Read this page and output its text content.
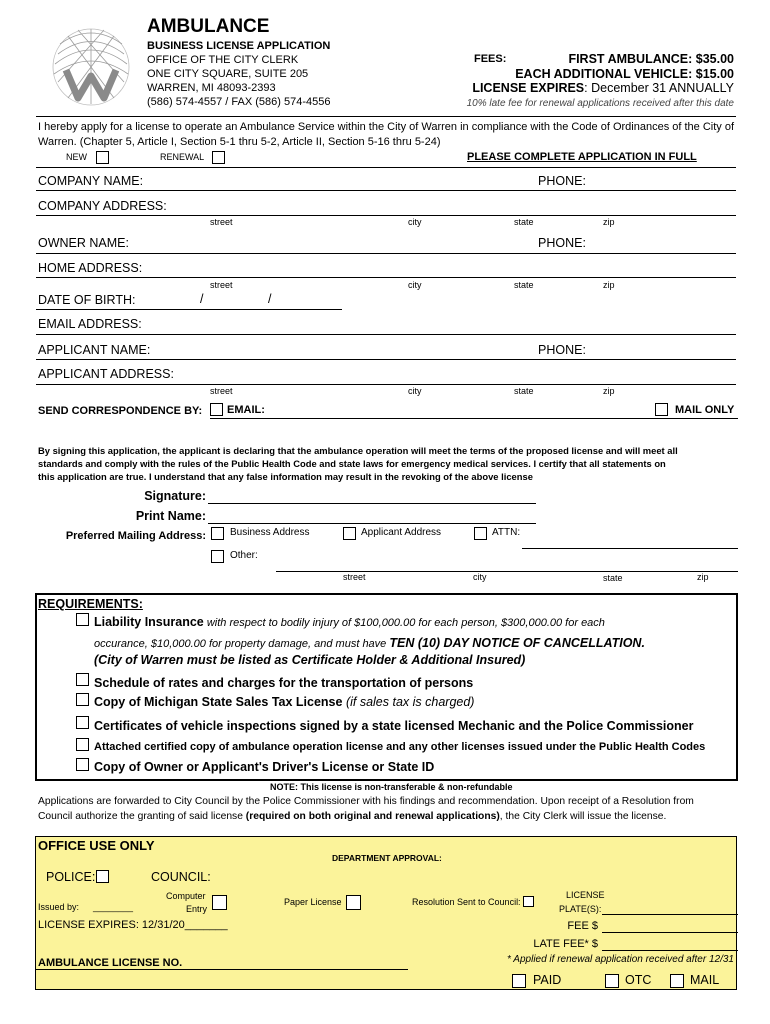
AMBULANCE
BUSINESS LICENSE APPLICATION
OFFICE OF THE CITY CLERK
ONE CITY SQUARE, SUITE 205
WARREN, MI 48093-2393
(586) 574-4557 / FAX (586) 574-4556
FEES:	FIRST AMBULANCE: $35.00
EACH ADDITIONAL VEHICLE: $15.00
LICENSE EXPIRES: December 31 ANNUALLY
10% late fee for renewal applications received after this date
I hereby apply for a license to operate an Ambulance Service within the City of Warren in compliance with the Code of Ordinances of the City of
Warren. (Chapter 5, Article I, Section 5-1 thru 5-2, Article II, Section 5-16 thru 5-24)
NEW	RENEWAL	PLEASE COMPLETE APPLICATION IN FULL
COMPANY NAME:	PHONE:
COMPANY ADDRESS:
street	city	state	zip
OWNER NAME:	PHONE:
HOME ADDRESS:
street	city	state	zip
DATE OF BIRTH:	/	/
EMAIL ADDRESS:
APPLICANT NAME:	PHONE:
APPLICANT ADDRESS:
street	city	state	zip
SEND CORRESPONDENCE BY: EMAIL:	MAIL ONLY
By signing this application, the applicant is declaring that the ambulance operation will meet the terms of the proposed license and will meet all
standards and comply with the rules of the Public Health Code and state laws for emergency medical services. I certify that all statements on
this application are true. I understand that any false information may result in the revoking of the above license
Signature:
Print Name:
Preferred Mailing Address: Business Address	Applicant Address	ATTN:
Other:
street	city	state	zip
REQUIREMENTS:
Liability Insurance with respect to bodily injury of $100,000.00 for each person, $300,000.00 for each
occurance, $10,000.00 for property damage, and must have TEN (10) DAY NOTICE OF CANCELLATION.
(City of Warren must be listed as Certificate Holder & Additional Insured)
Schedule of rates and charges for the transportation of persons
Copy of Michigan State Sales Tax License (if sales tax is charged)
Certificates of vehicle inspections signed by a state licensed Mechanic and the Police Commissioner
Attached certified copy of ambulance operation license and any other licenses issued under the Public Health Codes
Copy of Owner or Applicant's Driver's License or State ID
NOTE: This license is non-transferable & non-refundable
Applications are forwarded to City Council by the Police Commissioner with his findings and recommendation. Upon receipt of a Resolution from
Council authorize the granting of said license (required on both original and renewal applications), the City Clerk will issue the license.
OFFICE USE ONLY
DEPARTMENT APPROVAL:
POLICE:	COUNCIL:
Issued by: ________
Computer
Entry
Paper License	Resolution Sent to Council:
LICENSE
PLATE(S):
LICENSE EXPIRES: 12/31/20_______	FEE $
LATE FEE* $
AMBULANCE LICENSE NO.	* Applied if renewal application received after 12/31
PAID	OTC	MAIL
